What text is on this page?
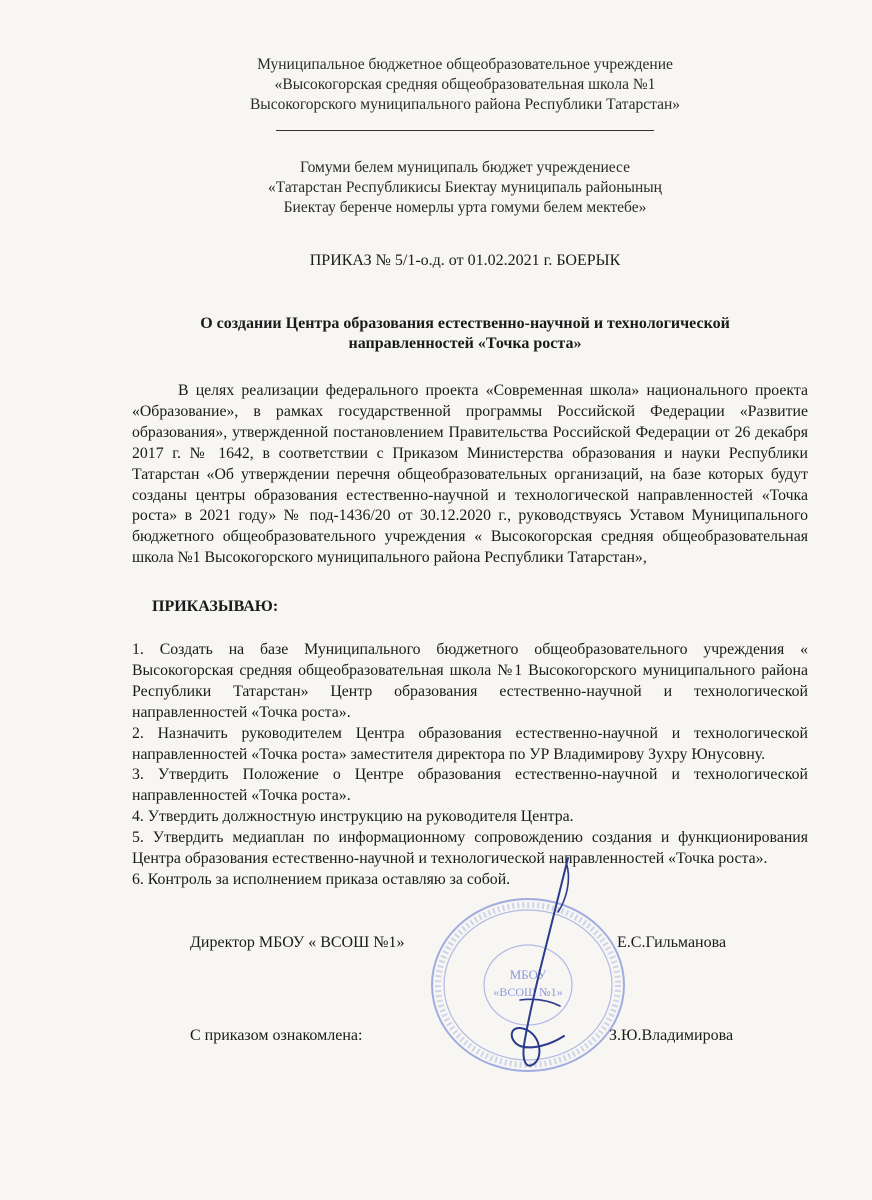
Муниципальное бюджетное общеобразовательное учреждение
«Высокогорская средняя общеобразовательная школа №1
Высокогорского муниципального района Республики Татарстан»
Гомуми белем муниципаль бюджет учреждениесе
«Татарстан Республикисы Биектау муниципаль районының
Биектау беренче номерлы урта гомуми белем мектебе»
ПРИКАЗ № 5/1-о.д. от 01.02.2021 г. БОЕРЫК
О создании Центра образования естественно-научной и технологической
направленностей «Точка роста»

В целях реализации федерального проекта «Современная школа» национального проекта «Образование», в рамках государственной программы Российской Федерации «Развитие образования», утвержденной постановлением Правительства Российской Федерации от 26 декабря 2017 г. № 1642, в соответствии с Приказом Министерства образования и науки Республики Татарстан «Об утверждении перечня общеобразовательных организаций, на базе которых будут созданы центры образования естественно-научной и технологической направленностей «Точка роста» в 2021 году» № под-1436/20 от 30.12.2020 г., руководствуясь Уставом Муниципального бюджетного общеобразовательного учреждения « Высокогорская средняя общеобразовательная школа №1 Высокогорского муниципального района Республики Татарстан»,

ПРИКАЗЫВАЮ:

1. Создать на базе Муниципального бюджетного общеобразовательного учреждения « Высокогорская средняя общеобразовательная школа №1 Высокогорского муниципального района Республики Татарстан» Центр образования естественно-научной и технологической направленностей «Точка роста».

2. Назначить руководителем Центра образования естественно-научной и технологической направленностей «Точка роста» заместителя директора по УР Владимирову Зухру Юнусовну.

3. Утвердить Положение о Центре образования естественно-научной и технологической направленностей «Точка роста».

4. Утвердить должностную инструкцию на руководителя Центра.

5. Утвердить медиаплан по информационному сопровождению создания и функционирования Центра образования естественно-научной и технологической направленностей «Точка роста».

6. Контроль за исполнением приказа оставляю за собой.

МБОУ
«ВСОШ №1»
Директор МБОУ « ВСОШ №1»	Е.С.Гильманова
С приказом ознакомлена:	З.Ю.Владимирова
